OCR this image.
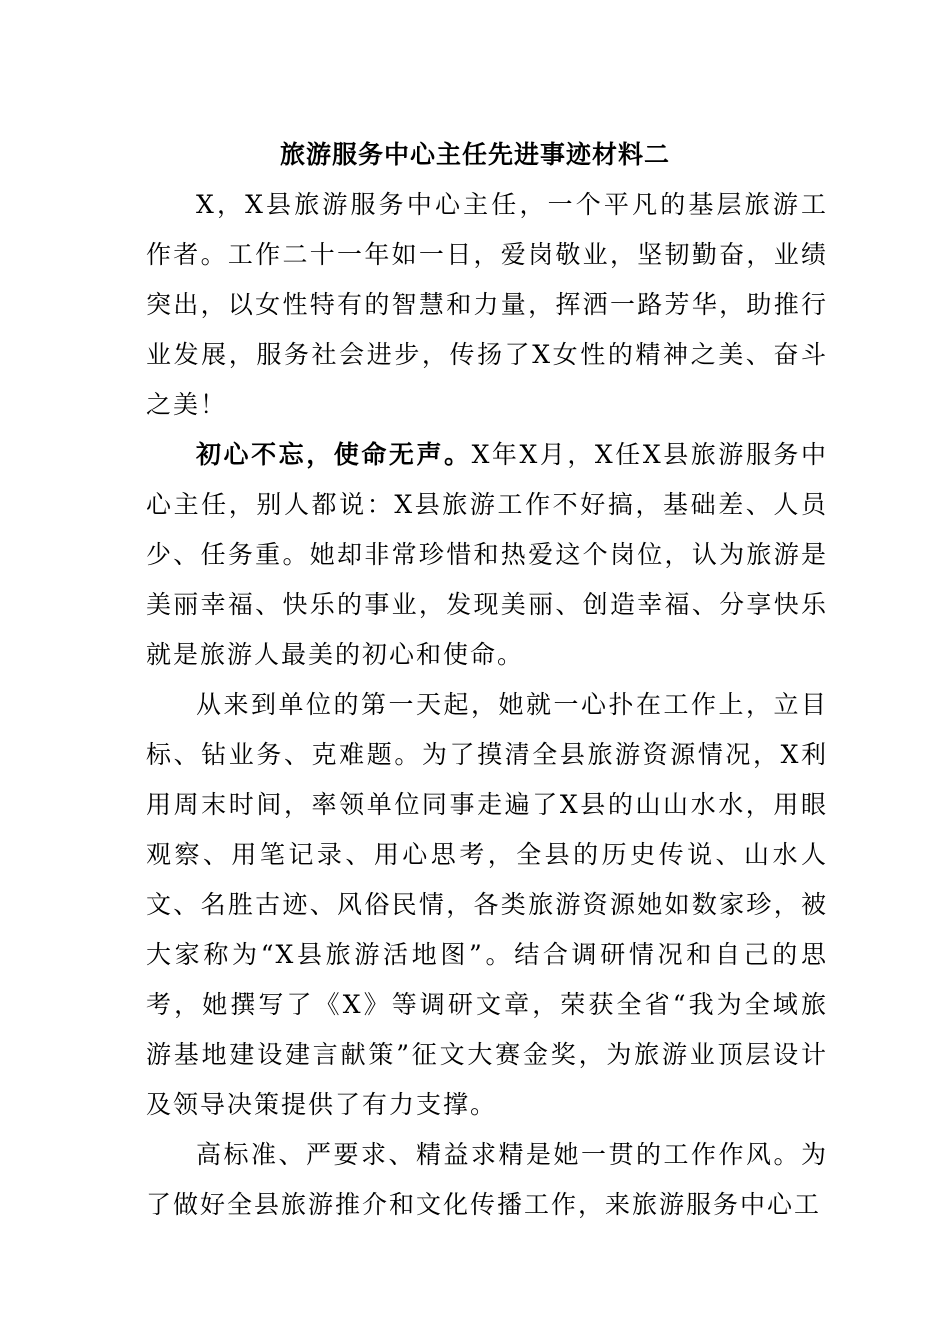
旅游服务中心主任先进事迹材料二

X，X县旅游服务中心主任，一个平凡的基层旅游工作者。工作二十一年如一日，爱岗敬业，坚韧勤奋，业绩突出，以女性特有的智慧和力量，挥洒一路芳华，助推行业发展，服务社会进步，传扬了X女性的精神之美、奋斗之美！

初心不忘，使命无声。X年X月，X任X县旅游服务中心主任，别人都说：X县旅游工作不好搞，基础差、人员少、任务重。她却非常珍惜和热爱这个岗位，认为旅游是美丽幸福、快乐的事业，发现美丽、创造幸福、分享快乐就是旅游人最美的初心和使命。

从来到单位的第一天起，她就一心扑在工作上，立目标、钻业务、克难题。为了摸清全县旅游资源情况，X利用周末时间，率领单位同事走遍了X县的山山水水，用眼观察、用笔记录、用心思考，全县的历史传说、山水人文、名胜古迹、风俗民情，各类旅游资源她如数家珍，被大家称为“X县旅游活地图”。结合调研情况和自己的思考，她撰写了《X》等调研文章，荣获全省“我为全域旅游基地建设建言献策”征文大赛金奖，为旅游业顶层设计及领导决策提供了有力支撑。

高标准、严要求、精益求精是她一贯的工作作风。为了做好全县旅游推介和文化传播工作，来旅游服务中心工
